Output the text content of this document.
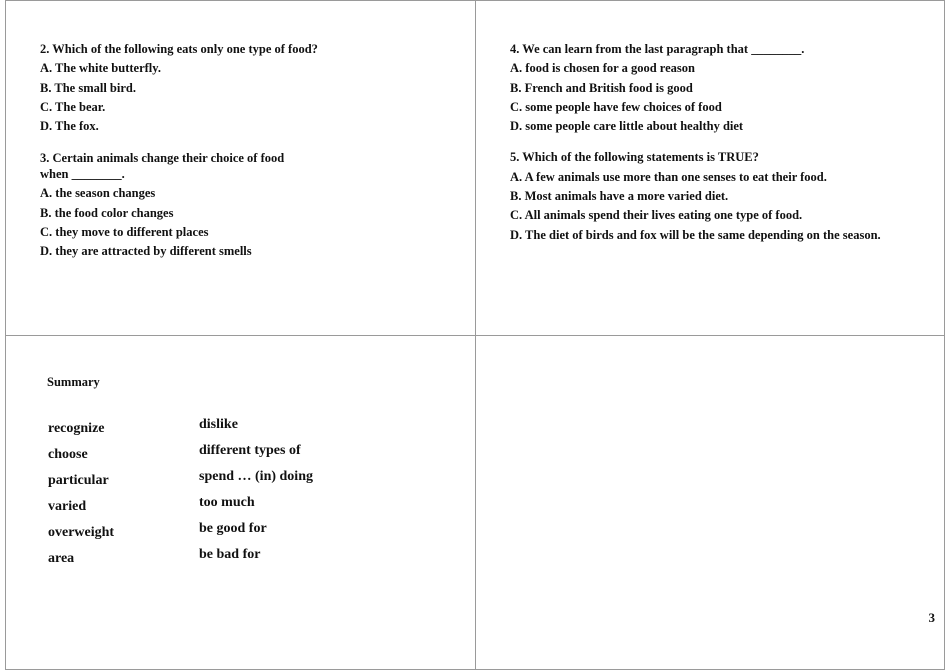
2. Which of the following eats only one type of food?
A. The white butterfly.
B. The small bird.
C. The bear.
D. The fox.
3. Certain animals change their choice of food
when ________.
A. the season changes
B. the food color changes
C. they move to different places
D. they are attracted by different smells
4. We can learn from the last paragraph that ________.
A. food is chosen for a good reason
B. French and British food is good
C. some people have few choices of food
D. some people care little about healthy diet
5. Which of the following statements is TRUE?
A. A few animals use more than one senses to eat their food.
B. Most animals have a more varied diet.
C. All animals spend their lives eating one type of food.
D. The diet of birds and fox will be the same depending on the season.
Summary
recognize
choose
particular
varied
overweight
area
dislike
different types of
spend … (in) doing
too much
be good for
be bad for
3
